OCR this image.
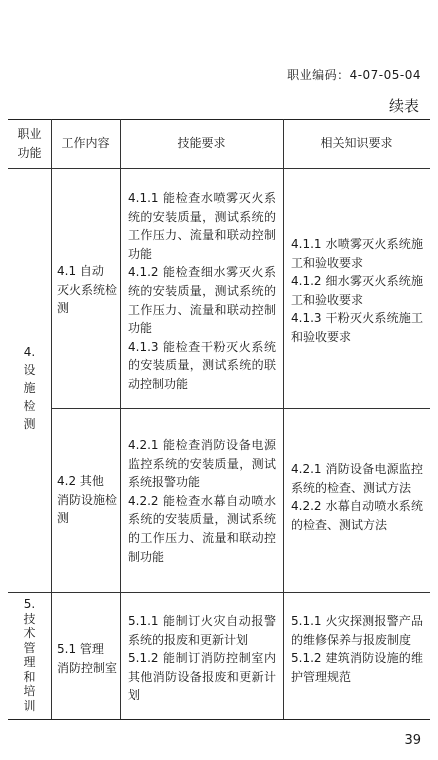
职业编码：4-07-05-04
续表
职业
功能
工作内容	技能要求	相关知识要求
4.
设
施
检
测
4.1 自动
灭火系统检
测
4.1.1 能检查水喷雾灭火系统的安装质量，测试系统的工作压力、流量和联动控制功能
4.1.2 能检查细水雾灭火系统的安装质量，测试系统的工作压力、流量和联动控制功能
4.1.3 能检查干粉灭火系统的安装质量，测试系统的联动控制功能
4.1.1 水喷雾灭火系统施工和验收要求
4.1.2 细水雾灭火系统施工和验收要求
4.1.3 干粉灭火系统施工和验收要求
4.2 其他
消防设施检
测
4.2.1 能检查消防设备电源监控系统的安装质量，测试系统报警功能
4.2.2 能检查水幕自动喷水系统的安装质量，测试系统的工作压力、流量和联动控制功能
4.2.1 消防设备电源监控系统的检查、测试方法
4.2.2 水幕自动喷水系统的检查、测试方法
5.
技
术
管
理
和
培
训
5.1 管理
消防控制室
5.1.1 能制订火灾自动报警系统的报废和更新计划
5.1.2 能制订消防控制室内其他消防设备报废和更新计划
5.1.1 火灾探测报警产品的维修保养与报废制度
5.1.2 建筑消防设施的维护管理规范
39
